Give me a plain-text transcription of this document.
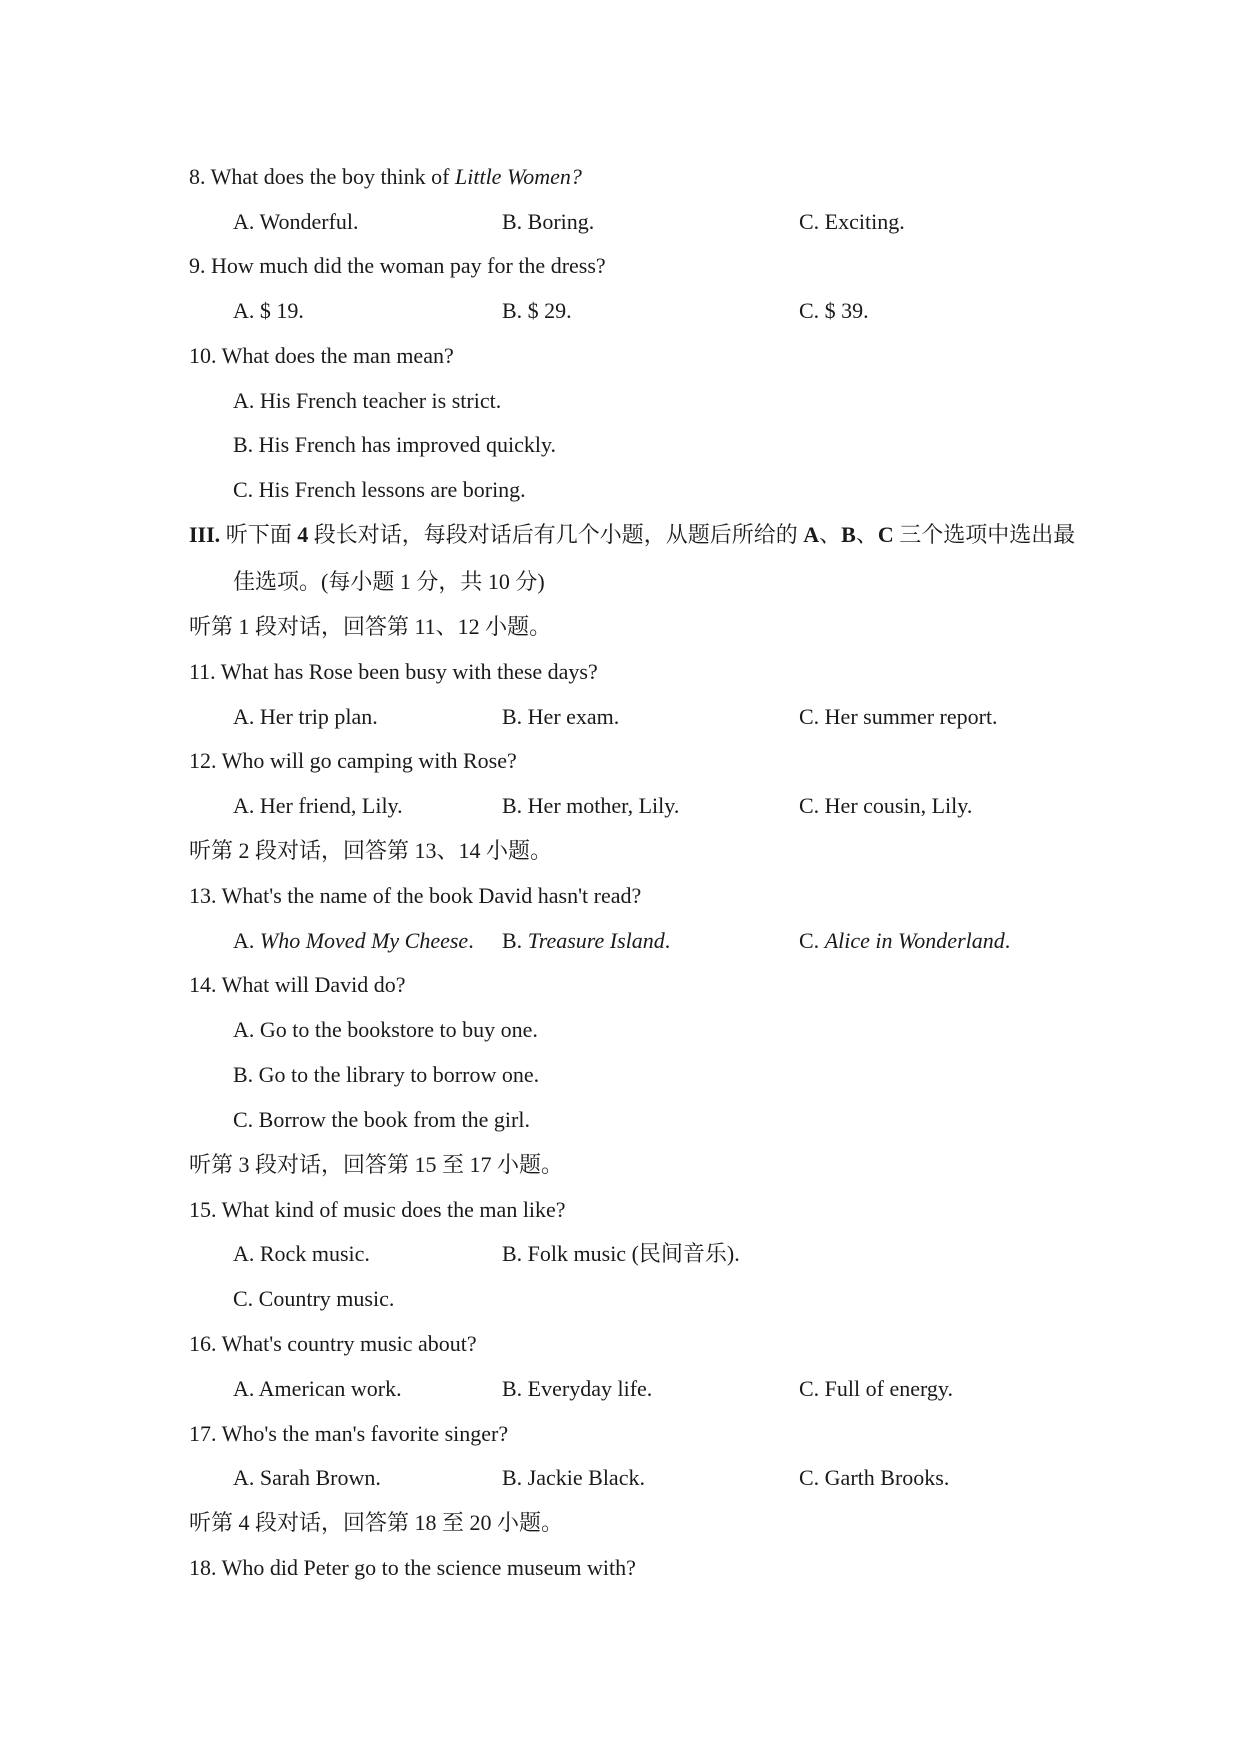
8. What does the boy think of Little Women?
A. Wonderful.	B. Boring.	C. Exciting.
9. How much did the woman pay for the dress?
A. $ 19.	B. $ 29.	C. $ 39.
10. What does the man mean?
A. His French teacher is strict.
B. His French has improved quickly.
C. His French lessons are boring.
III. 听下面 4 段长对话，每段对话后有几个小题，从题后所给的 A、B、C 三个选项中选出最
佳选项。(每小题 1 分，共 10 分)
听第 1 段对话，回答第 11、12 小题。
11. What has Rose been busy with these days?
A. Her trip plan.	B. Her exam.	C. Her summer report.
12. Who will go camping with Rose?
A. Her friend, Lily.	B. Her mother, Lily.	C. Her cousin, Lily.
听第 2 段对话，回答第 13、14 小题。
13. What's the name of the book David hasn't read?
A. Who Moved My Cheese. B. Treasure Island.	C. Alice in Wonderland.
14. What will David do?
A. Go to the bookstore to buy one.
B. Go to the library to borrow one.
C. Borrow the book from the girl.
听第 3 段对话，回答第 15 至 17 小题。
15. What kind of music does the man like?
A. Rock music.	B. Folk music (民间音乐).
C. Country music.
16. What's country music about?
A. American work.	B. Everyday life.	C. Full of energy.
17. Who's the man's favorite singer?
A. Sarah Brown.	B. Jackie Black.	C. Garth Brooks.
听第 4 段对话，回答第 18 至 20 小题。
18. Who did Peter go to the science museum with?
